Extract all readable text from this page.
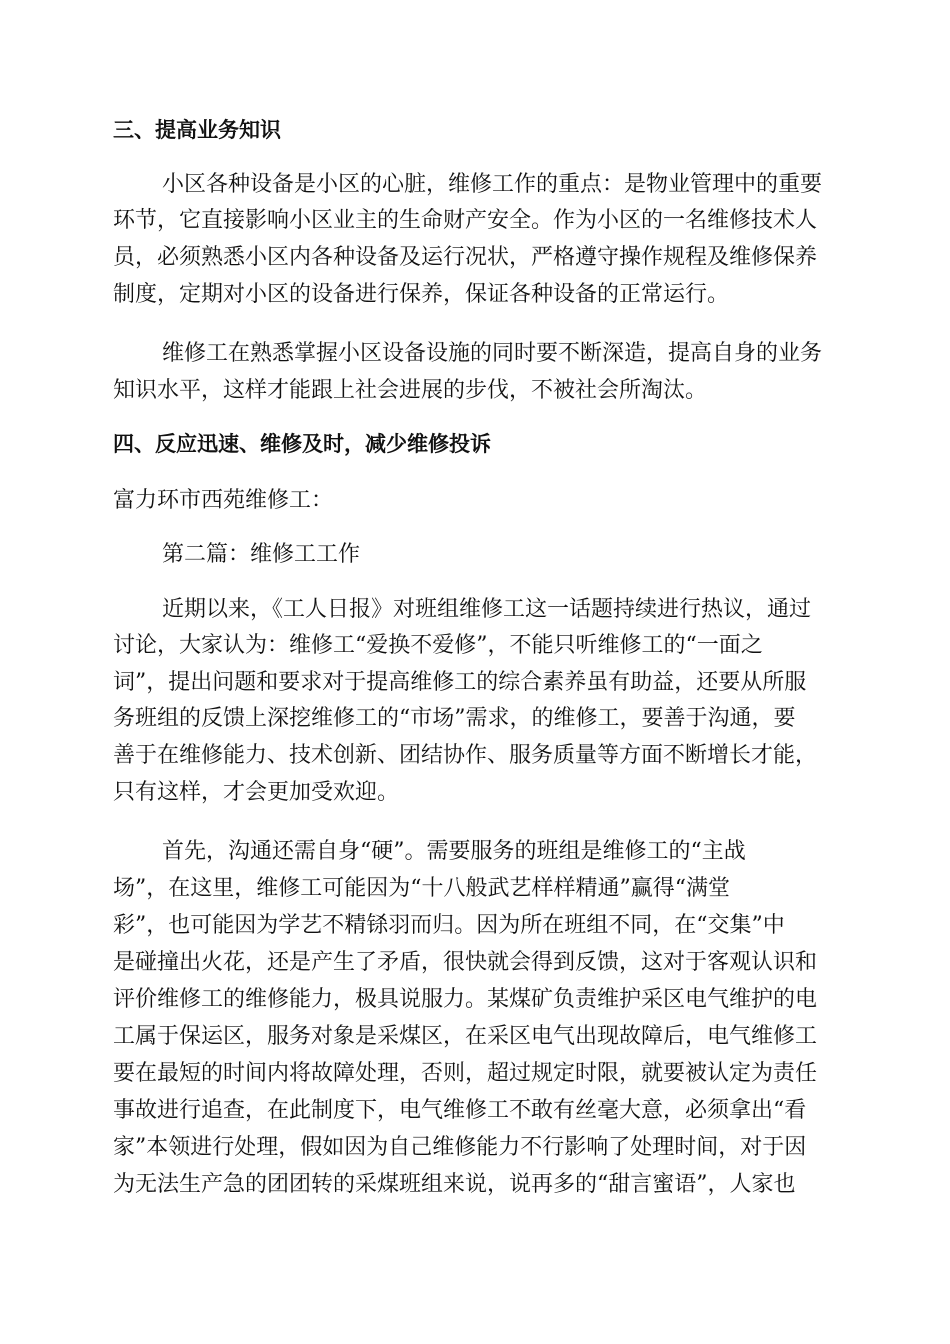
三、提高业务知识

小区各种设备是小区的心脏，维修工作的重点：是物业管理中的重要

环节，它直接影响小区业主的生命财产安全。作为小区的一名维修技术人

员，必须熟悉小区内各种设备及运行况状，严格遵守操作规程及维修保养

制度，定期对小区的设备进行保养，保证各种设备的正常运行。

维修工在熟悉掌握小区设备设施的同时要不断深造，提高自身的业务

知识水平，这样才能跟上社会进展的步伐，不被社会所淘汰。

四、反应迅速、维修及时，减少维修投诉

富力环市西苑维修工：

第二篇：维修工工作

近期以来，《工人日报》对班组维修工这一话题持续进行热议，通过

讨论，大家认为：维修工“爱换不爱修”，不能只听维修工的“一面之

词”，提出问题和要求对于提高维修工的综合素养虽有助益，还要从所服

务班组的反馈上深挖维修工的“市场”需求，的维修工，要善于沟通，要

善于在维修能力、技术创新、团结协作、服务质量等方面不断增长才能，

只有这样，才会更加受欢迎。

首先，沟通还需自身“硬”。需要服务的班组是维修工的“主战

场”，在这里，维修工可能因为“十八般武艺样样精通”赢得“满堂

彩”，也可能因为学艺不精铩羽而归。因为所在班组不同，在“交集”中

是碰撞出火花，还是产生了矛盾，很快就会得到反馈，这对于客观认识和

评价维修工的维修能力，极具说服力。某煤矿负责维护采区电气维护的电

工属于保运区，服务对象是采煤区，在采区电气出现故障后，电气维修工

要在最短的时间内将故障处理，否则，超过规定时限，就要被认定为责任

事故进行追查，在此制度下，电气维修工不敢有丝毫大意，必须拿出“看

家”本领进行处理，假如因为自己维修能力不行影响了处理时间，对于因

为无法生产急的团团转的采煤班组来说，说再多的“甜言蜜语”，人家也
